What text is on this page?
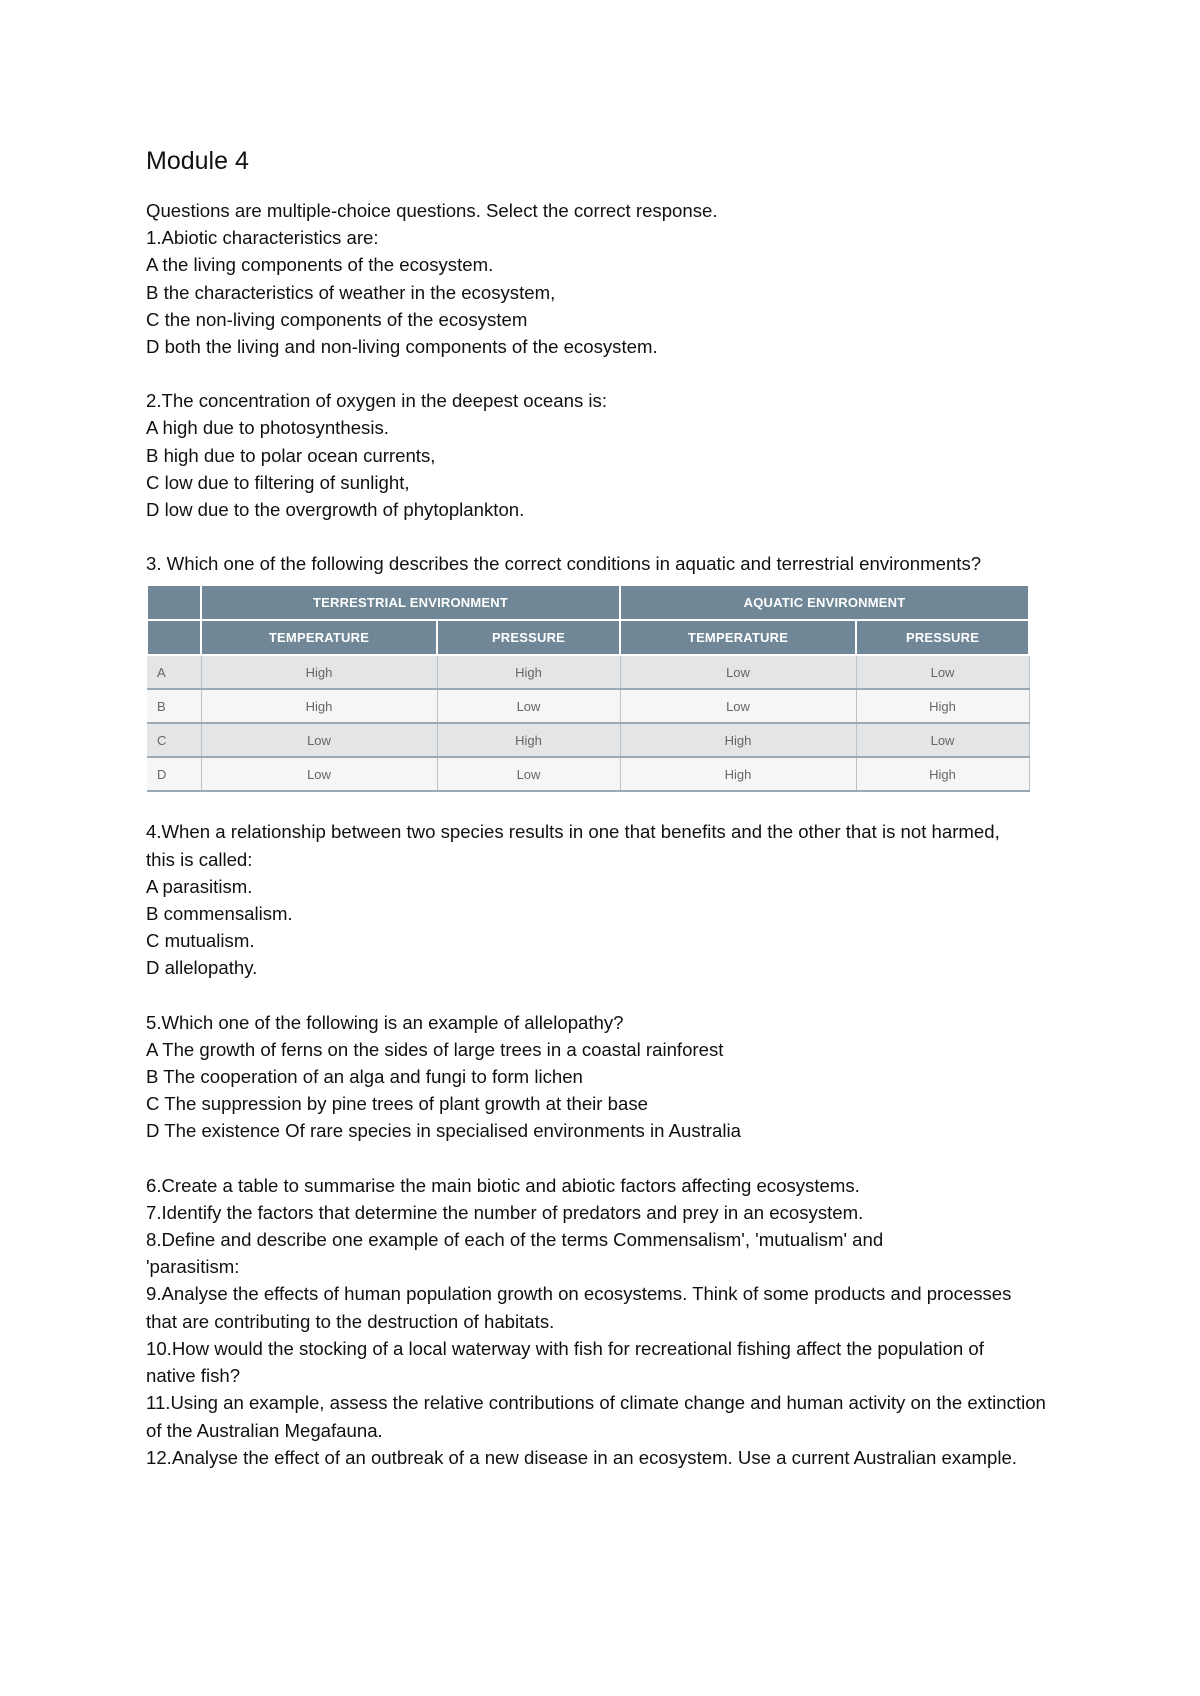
Module 4
Questions are multiple-choice questions. Select the correct response.
1.Abiotic characteristics are:
A the living components of the ecosystem.
B the characteristics of weather in the ecosystem,
C the non-living components of the ecosystem
D both the living and non-living components of the ecosystem.
2.The concentration of oxygen in the deepest oceans is:
A high due to photosynthesis.
B high due to polar ocean currents,
C low due to filtering of sunlight,
D low due to the overgrowth of phytoplankton.
3. Which one of the following describes the correct conditions in aquatic and terrestrial environments?
	TERRESTRIAL ENVIRONMENT		AQUATIC ENVIRONMENT	
	TEMPERATURE	PRESSURE	TEMPERATURE	PRESSURE
A	High	High	Low	Low
B	High	Low	Low	High
C	Low	High	High	Low
D	Low	Low	High	High
4.When a relationship between two species results in one that benefits and the other that is not harmed, this is called:
A parasitism.
B commensalism.
C mutualism.
D allelopathy.
5.Which one of the following is an example of allelopathy?
A The growth of ferns on the sides of large trees in a coastal rainforest
B The cooperation of an alga and fungi to form lichen
C The suppression by pine trees of plant growth at their base
D The existence Of rare species in specialised environments in Australia
6.Create a table to summarise the main biotic and abiotic factors affecting ecosystems.
7.Identify the factors that determine the number of predators and prey in an ecosystem.
8.Define and describe one example of each of the terms Commensalism', 'mutualism' and 'parasitism:
9.Analyse the effects of human population growth on ecosystems. Think of some products and processes that are contributing to the destruction of habitats.
10.How would the stocking of a local waterway with fish for recreational fishing affect the population of native fish?
11.Using an example, assess the relative contributions of climate change and human activity on the extinction of the Australian Megafauna.
12.Analyse the effect of an outbreak of a new disease in an ecosystem. Use a current Australian example.
